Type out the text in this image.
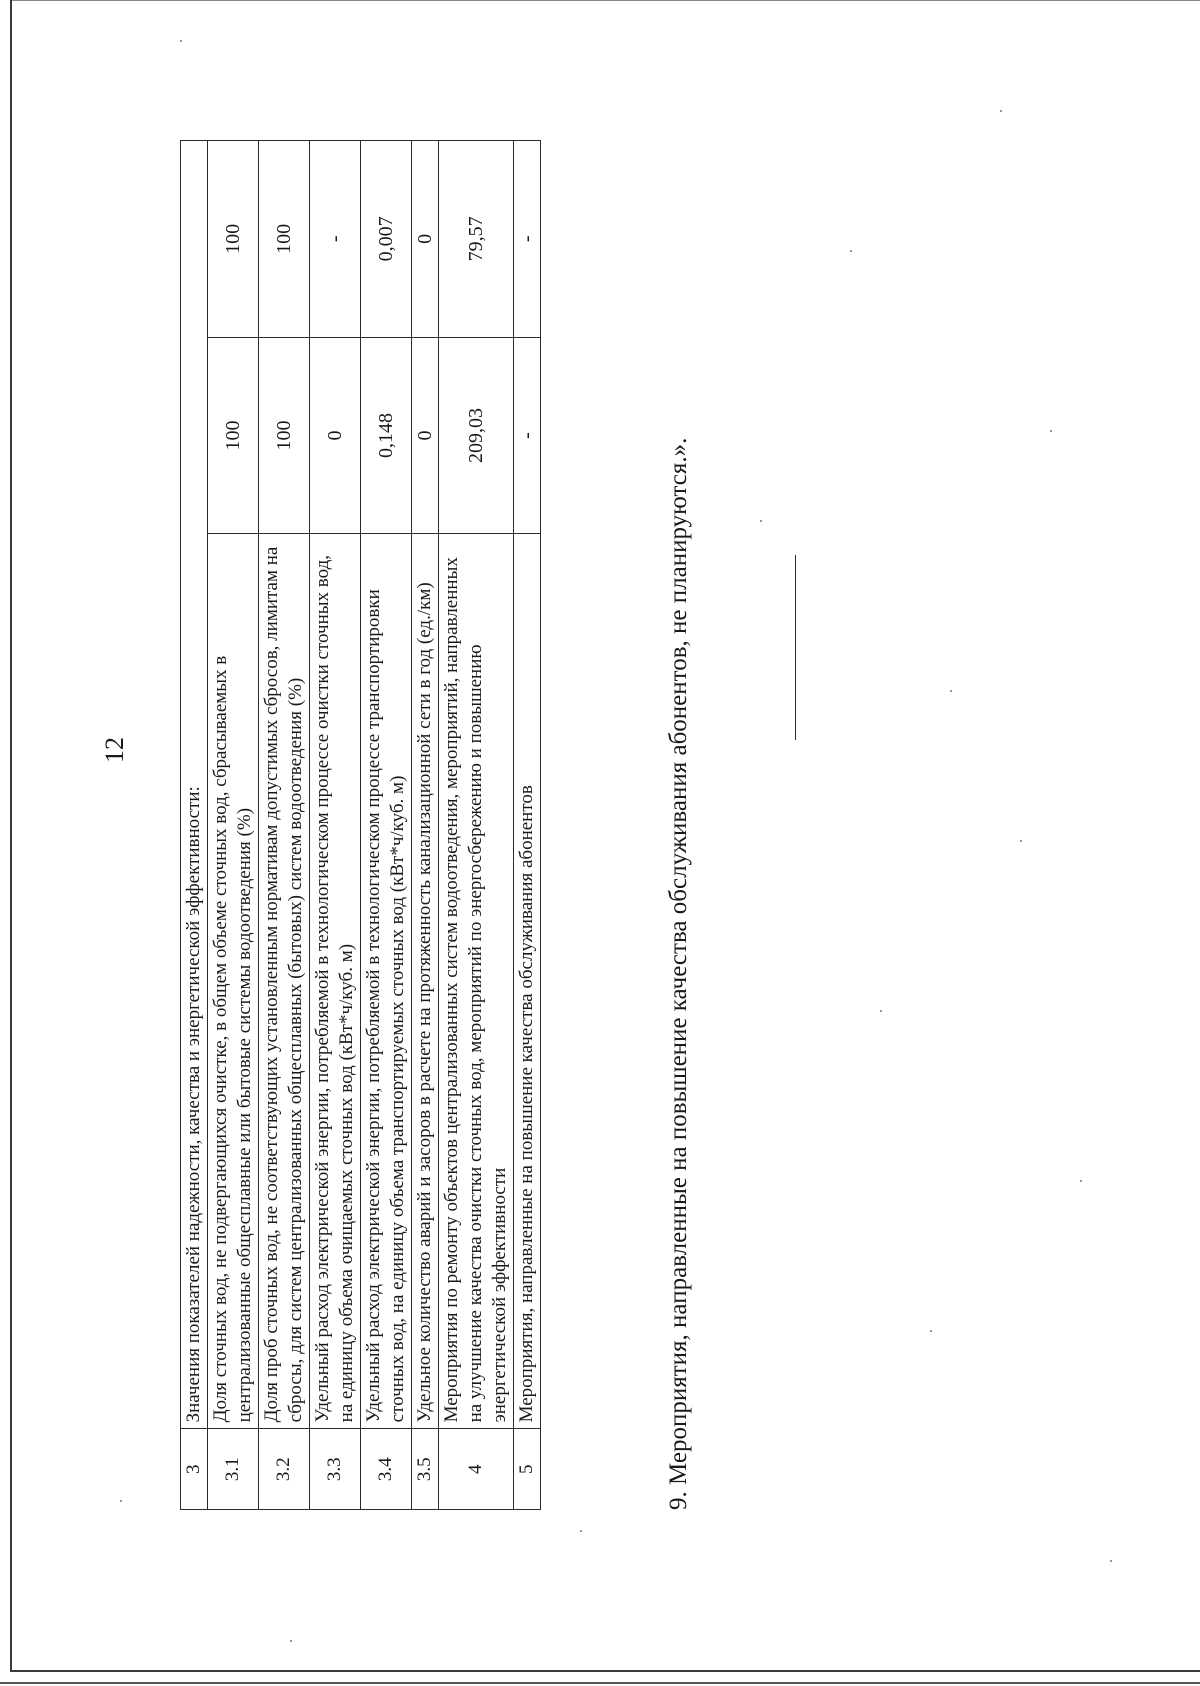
12
3	Значения показателей надежности, качества и энергетической эффективности:		
3.1	Доля сточных вод, не подвергающихся очистке, в общем объеме сточных вод, сбрасываемых в централизованные общесплавные или бытовые системы водоотведения (%)	100	100
3.2	Доля проб сточных вод, не соответствующих установленным нормативам допустимых сбросов, лимитам на сбросы, для систем централизованных общесплавных (бытовых) систем водоотведения (%)	100	100
3.3	Удельный расход электрической энергии, потребляемой в технологическом процессе очистки сточных вод, на единицу объема очищаемых сточных вод (кВт*ч/куб. м)	0	-
3.4	Удельный расход электрической энергии, потребляемой в технологическом процессе транспортировки сточных вод, на единицу объема транспортируемых сточных вод (кВт*ч/куб. м)	0,148	0,007
3.5	Удельное количество аварий и засоров в расчете на протяженность канализационной сети в год (ед./км)	0	0
4	Мероприятия по ремонту объектов централизованных систем водоотведения, мероприятий, направленных на улучшение качества очистки сточных вод, мероприятий по энергосбережению и повышению энергетической эффективности	209,03	79,57
5	Мероприятия, направленные на повышение качества обслуживания абонентов	-	-
9. Мероприятия, направленные на повышение качества обслуживания абонентов, не планируются.».
